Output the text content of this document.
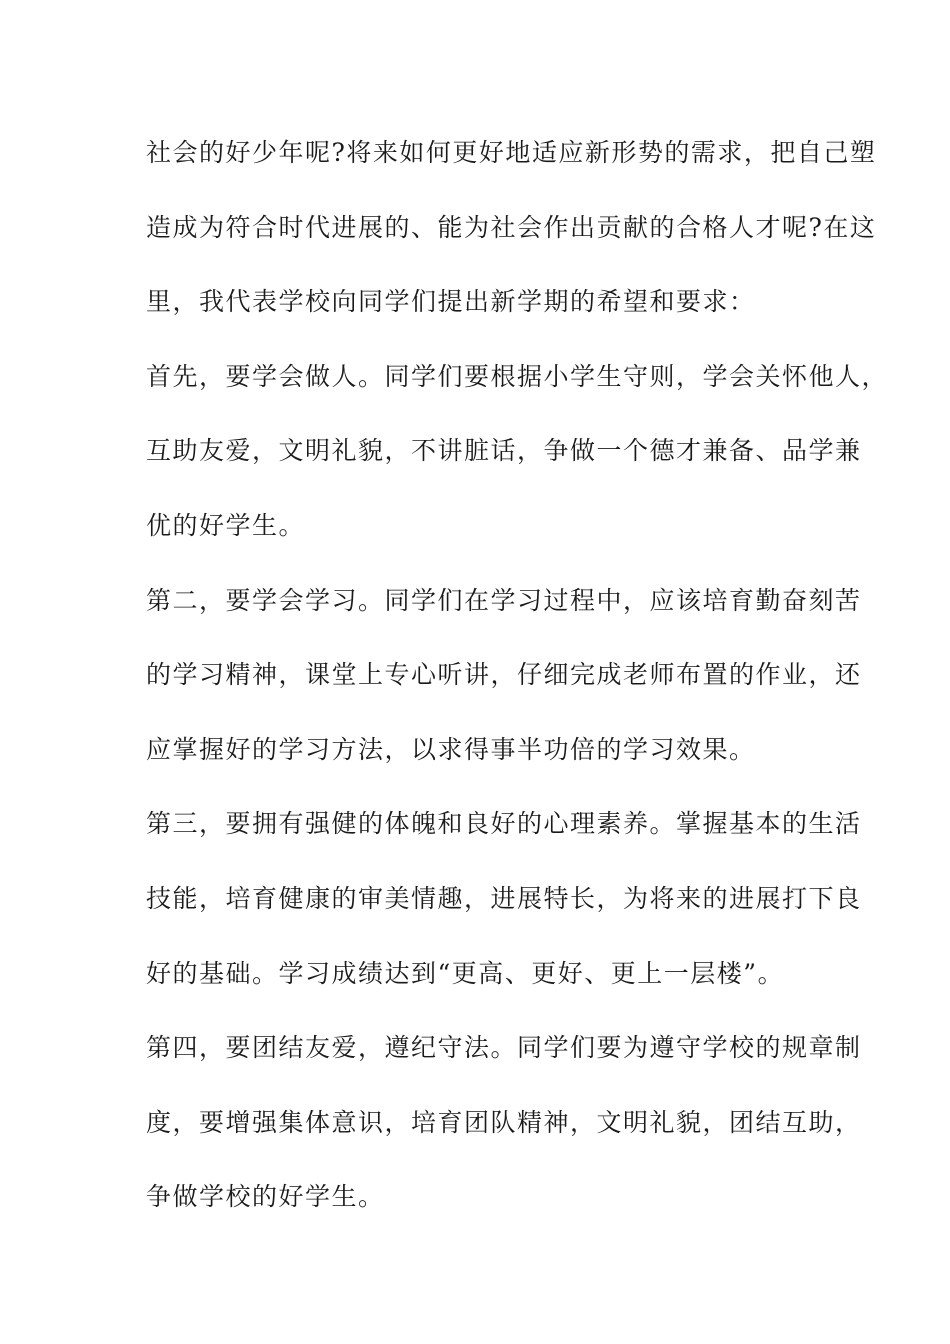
社会的好少年呢?将来如何更好地适应新形势的需求，把自己塑
造成为符合时代进展的、能为社会作出贡献的合格人才呢?在这
里，我代表学校向同学们提出新学期的希望和要求：
首先，要学会做人。同学们要根据小学生守则，学会关怀他人，
互助友爱，文明礼貌，不讲脏话，争做一个德才兼备、品学兼
优的好学生。
第二，要学会学习。同学们在学习过程中，应该培育勤奋刻苦
的学习精神，课堂上专心听讲，仔细完成老师布置的作业，还
应掌握好的学习方法，以求得事半功倍的学习效果。
第三，要拥有强健的体魄和良好的心理素养。掌握基本的生活
技能，培育健康的审美情趣，进展特长，为将来的进展打下良
好的基础。学习成绩达到“更高、更好、更上一层楼”。
第四，要团结友爱，遵纪守法。同学们要为遵守学校的规章制
度，要增强集体意识，培育团队精神，文明礼貌，团结互助，
争做学校的好学生。
